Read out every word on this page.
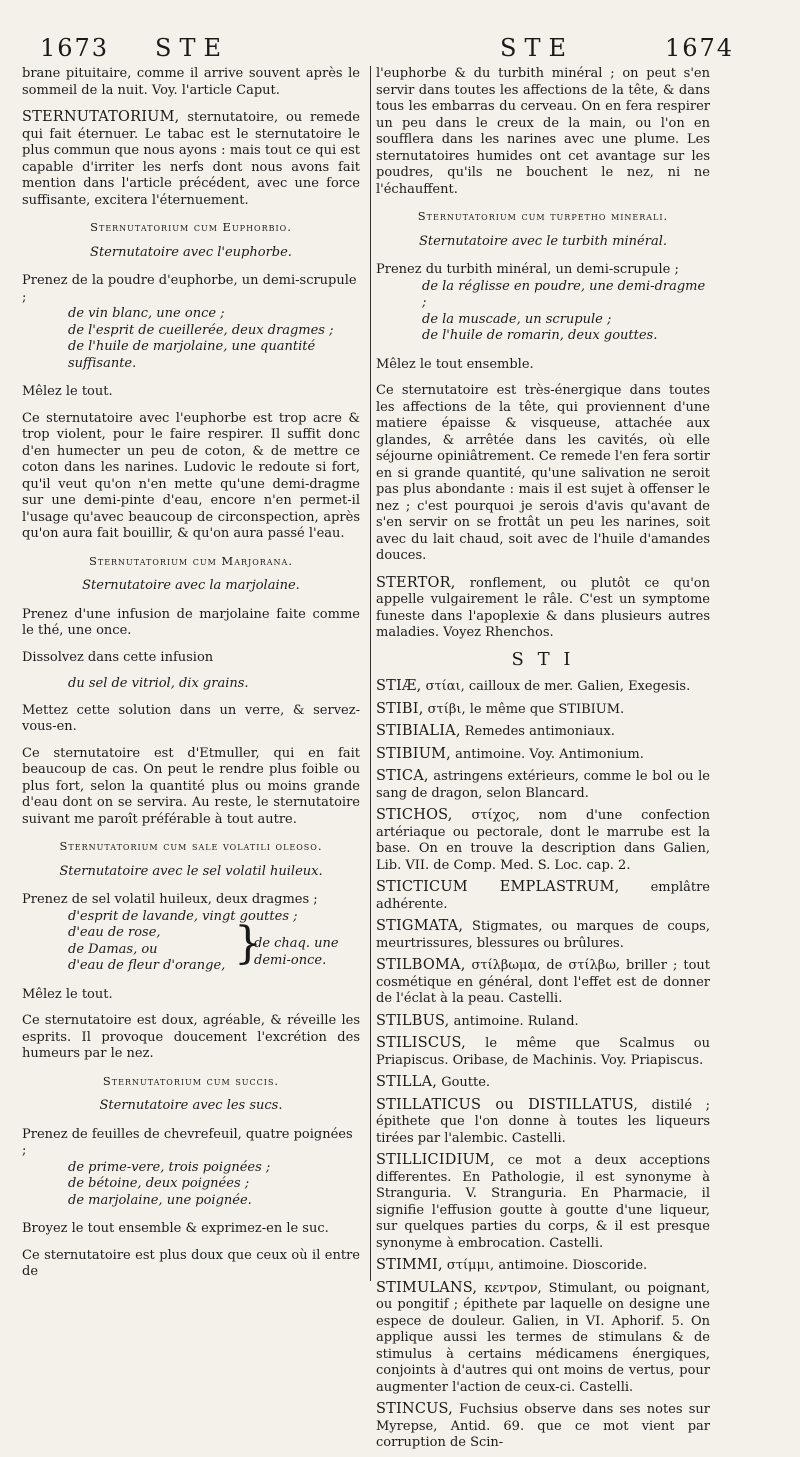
1673 STE	STE	1674

brane pituitaire, comme il arrive souvent après le sommeil de la nuit. Voy. l'article Caput.

STERNUTATORIUM, sternutatoire, ou remede qui fait éternuer. Le tabac est le sternutatoire le plus commun que nous ayons : mais tout ce qui est capable d'irriter les nerfs dont nous avons fait mention dans l'article précédent, avec une force suffisante, excitera l'éternuement.

Sternutatorium cum Euphorbio.
Sternutatoire avec l'euphorbe.
Prenez de la poudre d'euphorbe, un demi-scrupule ;
de vin blanc, une once ;
de l'esprit de cueillerée, deux dragmes ;
de l'huile de marjolaine, une quantité suffisante.

Mêlez le tout.

Ce sternutatoire avec l'euphorbe est trop acre & trop violent, pour le faire respirer. Il suffit donc d'en humecter un peu de coton, & de mettre ce coton dans les narines. Ludovic le redoute si fort, qu'il veut qu'on n'en mette qu'une demi-dragme sur une demi-pinte d'eau, encore n'en permet-il l'usage qu'avec beaucoup de circonspection, après qu'on aura fait bouillir, & qu'on aura passé l'eau.

Sternutatorium cum Marjorana.
Sternutatoire avec la marjolaine.

Prenez d'une infusion de marjolaine faite comme le thé, une once.

Dissolvez dans cette infusion

du sel de vitriol, dix grains.

Mettez cette solution dans un verre, & servez-vous-en.

Ce sternutatoire est d'Etmuller, qui en fait beaucoup de cas. On peut le rendre plus foible ou plus fort, selon la quantité plus ou moins grande d'eau dont on se servira. Au reste, le sternutatoire suivant me paroît préférable à tout autre.

Sternutatorium cum sale volatili oleoso.
Sternutatoire avec le sel volatil huileux.
Prenez de sel volatil huileux, deux dragmes ;
d'esprit de lavande, vingt gouttes ;
d'eau de rose,
de Damas, ou
d'eau de fleur d'orange, }
de chaq. une demi-once.

Mêlez le tout.

Ce sternutatoire est doux, agréable, & réveille les esprits. Il provoque doucement l'excrétion des humeurs par le nez.

Sternutatorium cum succis.
Sternutatoire avec les sucs.
Prenez de feuilles de chevrefeuil, quatre poignées ;
de prime-vere, trois poignées ;
de bétoine, deux poignées ;
de marjolaine, une poignée.

Broyez le tout ensemble & exprimez-en le suc.

Ce sternutatoire est plus doux que ceux où il entre de

l'euphorbe & du turbith minéral ; on peut s'en servir dans toutes les affections de la tête, & dans tous les embarras du cerveau. On en fera respirer un peu dans le creux de la main, ou l'on en soufflera dans les narines avec une plume. Les sternutatoires humides ont cet avantage sur les poudres, qu'ils ne bouchent le nez, ni ne l'échauffent.

Sternutatorium cum turpetho minerali.
Sternutatoire avec le turbith minéral.
Prenez du turbith minéral, un demi-scrupule ;
de la réglisse en poudre, une demi-dragme ;
de la muscade, un scrupule ;
de l'huile de romarin, deux gouttes.

Mêlez le tout ensemble.

Ce sternutatoire est très-énergique dans toutes les affections de la tête, qui proviennent d'une matiere épaisse & visqueuse, attachée aux glandes, & arrêtée dans les cavités, où elle séjourne opiniâtrement. Ce remede l'en fera sortir en si grande quantité, qu'une salivation ne seroit pas plus abondante : mais il est sujet à offenser le nez ; c'est pourquoi je serois d'avis qu'avant de s'en servir on se frottât un peu les narines, soit avec du lait chaud, soit avec de l'huile d'amandes douces.

STERTOR, ronflement, ou plutôt ce qu'on appelle vulgairement le râle. C'est un symptome funeste dans l'apoplexie & dans plusieurs autres maladies. Voyez Rhenchos.

S T I

STIÆ, στίαι, cailloux de mer. Galien, Exegesis.

STIBI, στίβι, le même que STIBIUM.

STIBIALIA, Remedes antimoniaux.

STIBIUM, antimoine. Voy. Antimonium.

STICA, astringens extérieurs, comme le bol ou le sang de dragon, selon Blancard.

STICHOS, στίχος, nom d'une confection artériaque ou pectorale, dont le marrube est la base. On en trouve la description dans Galien, Lib. VII. de Comp. Med. S. Loc. cap. 2.

STICTICUM EMPLASTRUM, emplâtre adhérente.

STIGMATA, Stigmates, ou marques de coups, meurtrissures, blessures ou brûlures.

STILBOMA, στίλβωμα, de στίλβω, briller ; tout cosmétique en général, dont l'effet est de donner de l'éclat à la peau. Castelli.

STILBUS, antimoine. Ruland.

STILISCUS, le même que Scalmus ou Priapiscus. Oribase, de Machinis. Voy. Priapiscus.

STILLA, Goutte.

STILLATICUS ou DISTILLATUS, distilé ; épithete que l'on donne à toutes les liqueurs tirées par l'alembic. Castelli.

STILLICIDIUM, ce mot a deux acceptions differentes. En Pathologie, il est synonyme à Stranguria. V. Stranguria. En Pharmacie, il signifie l'effusion goutte à goutte d'une liqueur, sur quelques parties du corps, & il est presque synonyme à embrocation. Castelli.

STIMMI, στίμμι, antimoine. Dioscoride.

STIMULANS, κεντρον, Stimulant, ou poignant, ou pongitif ; épithete par laquelle on designe une espece de douleur. Galien, in VI. Aphorif. 5. On applique aussi les termes de stimulans & de stimulus à certains médicamens énergiques, conjoints à d'autres qui ont moins de vertus, pour augmenter l'action de ceux-ci. Castelli.

STINCUS, Fuchsius observe dans ses notes sur Myrepse, Antid. 69. que ce mot vient par corruption de Scin-
